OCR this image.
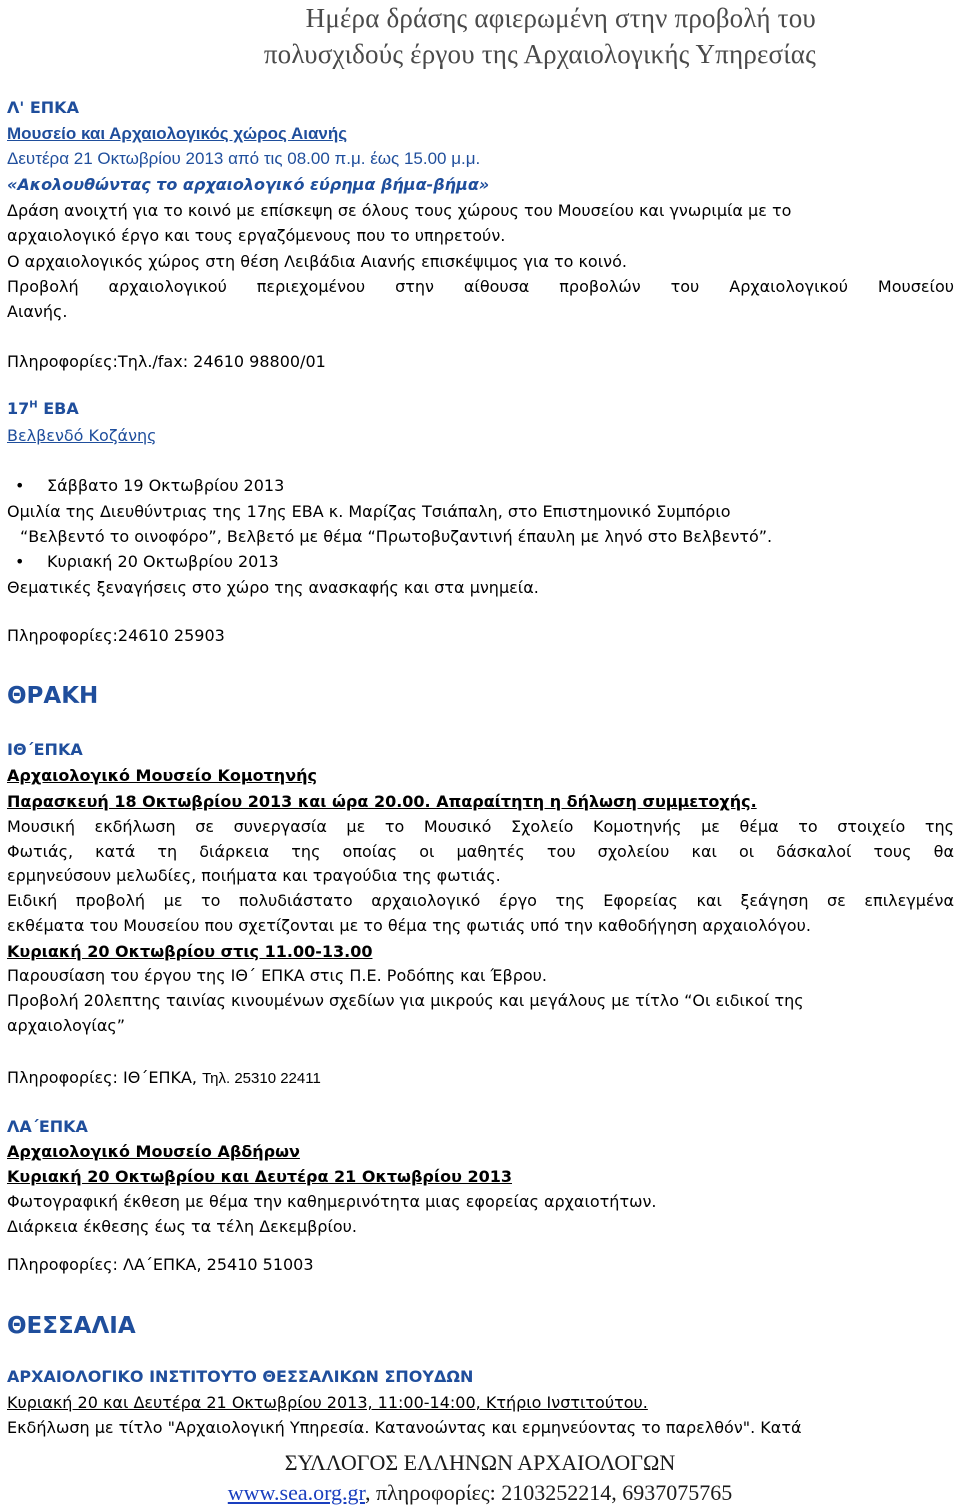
Ημέρα δράσης αφιερωμένη στην προβολή του
πολυσχιδούς έργου της Αρχαιολογικής Υπηρεσίας
Λ' ΕΠΚΑ
Μουσείο και Αρχαιολογικός χώρος Αιανής
Δευτέρα 21 Οκτωβρίου 2013 από τις 08.00 π.μ. έως 15.00 μ.μ.
«Ακολουθώντας το αρχαιολογικό εύρημα βήμα-βήμα»
Δράση ανοιχτή για το κοινό με επίσκεψη σε όλους τους χώρους του Μουσείου και γνωριμία με το
αρχαιολογικό έργο και τους εργαζόμενους που το υπηρετούν.
Ο αρχαιολογικός χώρος στη θέση Λειβάδια Αιανής επισκέψιμος για το κοινό.
Προβολή αρχαιολογικού περιεχομένου στην αίθουσα προβολών του Αρχαιολογικού Μουσείου
Αιανής.
Πληροφορίες:Τηλ./fax: 24610 98800/01
$17^H$ ΕΒΑ
Βελβενδό Κοζάνης
• Σάββατο 19 Οκτωβρίου 2013
Ομιλία της Διευθύντριας της 17ης ΕΒΑ κ. Μαρίζας Τσιάπαλη, στο Επιστημονικό Συμπόριο
“Βελβεντό το οινοφόρο”, Βελβετό με θέμα “Πρωτοβυζαντινή έπαυλη με ληνό στο Βελβεντό”.
• Κυριακή 20 Οκτωβρίου 2013
Θεματικές ξεναγήσεις στο χώρο της ανασκαφής και στα μνημεία.
Πληροφορίες:24610 25903
ΘΡΑΚΗ
ΙΘ΄ΕΠΚΑ
Αρχαιολογικό Μουσείο Κομοτηνής
Παρασκευή 18 Οκτωβρίου 2013 και ώρα 20.00. Απαραίτητη η δήλωση συμμετοχής.
Μουσική εκδήλωση σε συνεργασία με το Μουσικό Σχολείο Κομοτηνής με θέμα το στοιχείο της
Φωτιάς, κατά τη διάρκεια της οποίας οι μαθητές του σχολείου και οι δάσκαλοί τους θα
ερμηνεύσουν μελωδίες, ποιήματα και τραγούδια της φωτιάς.
Ειδική προβολή με το πολυδιάστατο αρχαιολογικό έργο της Εφορείας και ξεάγηση σε επιλεγμένα
εκθέματα του Μουσείου που σχετίζονται με το θέμα της φωτιάς υπό την καθοδήγηση αρχαιολόγου.
Κυριακή 20 Οκτωβρίου στις 11.00-13.00
Παρουσίαση του έργου της ΙΘ΄ ΕΠΚΑ στις Π.Ε. Ροδόπης και Έβρου.
Προβολή 20λεπτης ταινίας κινουμένων σχεδίων για μικρούς και μεγάλους με τίτλο “Οι ειδικοί της
αρχαιολογίας”
Πληροφορίες: ΙΘ΄ΕΠΚΑ, Τηλ. 25310 22411
ΛΑ΄ΕΠΚΑ
Αρχαιολογικό Μουσείο Αβδήρων
Κυριακή 20 Οκτωβρίου και Δευτέρα 21 Οκτωβρίου 2013
Φωτογραφική έκθεση με θέμα την καθημερινότητα μιας εφορείας αρχαιοτήτων.
Διάρκεια έκθεσης έως τα τέλη Δεκεμβρίου.
Πληροφορίες: ΛΑ΄ΕΠΚΑ, 25410 51003
ΘΕΣΣΑΛΙΑ
ΑΡΧΑΙΟΛΟΓΙΚΟ ΙΝΣΤΙΤΟΥΤΟ ΘΕΣΣΑΛΙΚΩΝ ΣΠΟΥΔΩΝ
Κυριακή 20 και Δευτέρα 21 Οκτωβρίου 2013, 11:00-14:00, Κτήριο Ινστιτούτου.
Εκδήλωση με τίτλο "Αρχαιολογική Υπηρεσία. Κατανοώντας και ερμηνεύοντας το παρελθόν". Κατά
ΣΥΛΛΟΓΟΣ ΕΛΛΗΝΩΝ ΑΡΧΑΙΟΛΟΓΩΝ
www.sea.org.gr, πληροφορίες: 2103252214, 6937075765
